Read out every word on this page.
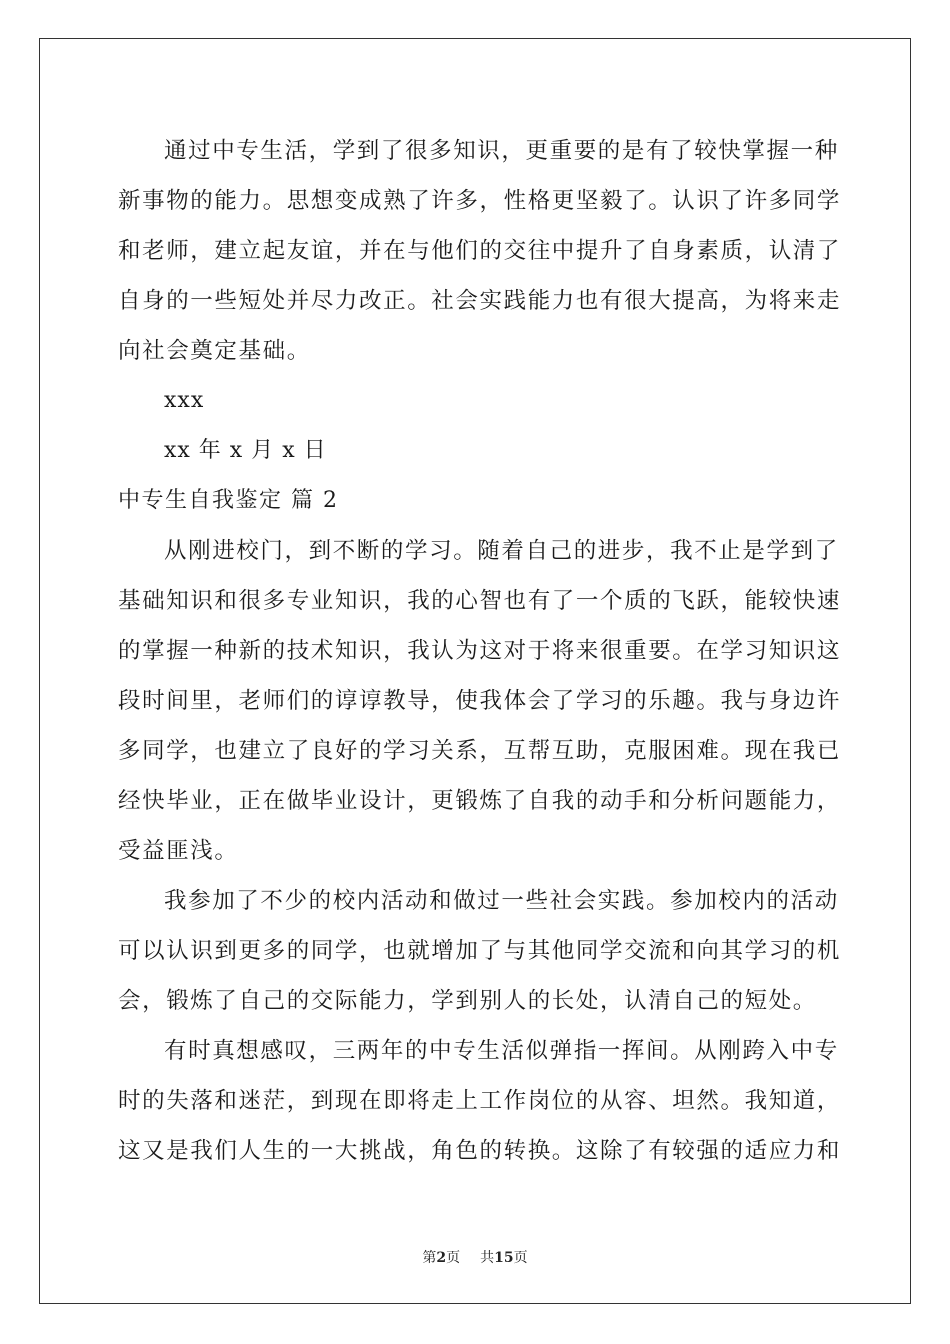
通过中专生活，学到了很多知识，更重要的是有了较快掌握一种
新事物的能力。思想变成熟了许多，性格更坚毅了。认识了许多同学
和老师，建立起友谊，并在与他们的交往中提升了自身素质，认清了
自身的一些短处并尽力改正。社会实践能力也有很大提高，为将来走
向社会奠定基础。

xxx

xx 年 x 月 x 日

中专生自我鉴定 篇 2

从刚进校门，到不断的学习。随着自己的进步，我不止是学到了
基础知识和很多专业知识，我的心智也有了一个质的飞跃，能较快速
的掌握一种新的技术知识，我认为这对于将来很重要。在学习知识这
段时间里，老师们的谆谆教导，使我体会了学习的乐趣。我与身边许
多同学，也建立了良好的学习关系，互帮互助，克服困难。现在我已
经快毕业，正在做毕业设计，更锻炼了自我的动手和分析问题能力，
受益匪浅。

我参加了不少的校内活动和做过一些社会实践。参加校内的活动
可以认识到更多的同学，也就增加了与其他同学交流和向其学习的机
会，锻炼了自己的交际能力，学到别人的长处，认清自己的短处。

有时真想感叹，三两年的中专生活似弹指一挥间。从刚跨入中专
时的失落和迷茫，到现在即将走上工作岗位的从容、坦然。我知道，
这又是我们人生的一大挑战，角色的转换。这除了有较强的适应力和

第2页 共15页
